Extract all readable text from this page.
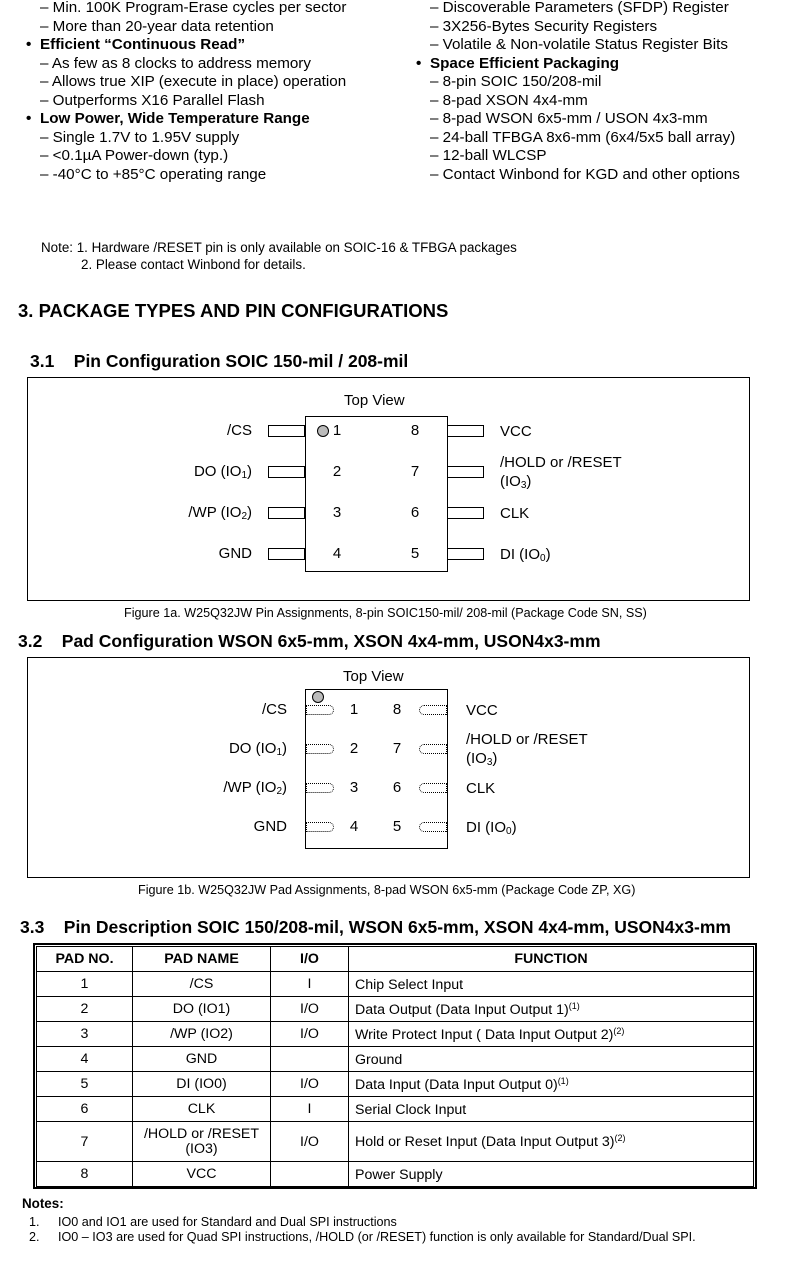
– Min. 100K Program-Erase cycles per sector
– More than 20-year data retention
• Efficient “Continuous Read”
– As few as 8 clocks to address memory
– Allows true XIP (execute in place) operation
– Outperforms X16 Parallel Flash
• Low Power, Wide Temperature Range
– Single 1.7V to 1.95V supply
– <0.1µA Power-down (typ.)
– -40°C to +85°C operating range
– Discoverable Parameters (SFDP) Register
– 3X256-Bytes Security Registers
– Volatile & Non-volatile Status Register Bits
• Space Efficient Packaging
– 8-pin SOIC 150/208-mil
– 8-pad XSON 4x4-mm
– 8-pad WSON 6x5-mm / USON 4x3-mm
– 24-ball TFBGA 8x6-mm (6x4/5x5 ball array)
– 12-ball WLCSP
– Contact Winbond for KGD and other options
Note: 1. Hardware /RESET pin is only available on SOIC-16 & TFBGA packages
2. Please contact Winbond for details.
3. PACKAGE TYPES AND PIN CONFIGURATIONS
3.1    Pin Configuration SOIC 150-mil / 208-mil
Top View
1
/CS
2
DO $(IO_1)$
3
/WP $(IO_2)$
4
GND
8	VCC
7
/HOLD or /RESET
$(IO_3)$
6	CLK
5	DI $(IO_0)$
Figure 1a. W25Q32JW Pin Assignments, 8-pin SOIC150-mil/ 208-mil (Package Code SN, SS)
3.2    Pad Configuration WSON 6x5-mm, XSON 4x4-mm, USON4x3-mm
Top View
1
/CS
2
DO $(IO_1)$
3
/WP $(IO_2)$
4
GND
8	VCC
7
/HOLD or /RESET
$(IO_3)$
6	CLK
5	DI $(IO_0)$
Figure 1b. W25Q32JW Pad Assignments, 8-pad WSON 6x5-mm (Package Code ZP, XG)
3.3    Pin Description SOIC 150/208-mil, WSON 6x5-mm, XSON 4x4-mm, USON4x3-mm
PAD NO.	PAD NAME	I/O	FUNCTION
1	/CS	I	Chip Select Input
2	DO (IO1)	I/O	Data Output (Data Input Output 1)$^{(1)}$
3	/WP (IO2)	I/O	Write Protect Input ( Data Input Output 2)$^{(2)}$
4	GND		Ground
5	DI (IO0)	I/O	Data Input (Data Input Output 0)$^{(1)}$
6	CLK	I	Serial Clock Input
7	/HOLD or /RESET
(IO3)	I/O	Hold or Reset Input (Data Input Output 3)$^{(2)}$
8	VCC		Power Supply
Notes:
1. IO0 and IO1 are used for Standard and Dual SPI instructions
2. IO0 – IO3 are used for Quad SPI instructions, /HOLD (or /RESET) function is only available for Standard/Dual SPI.
